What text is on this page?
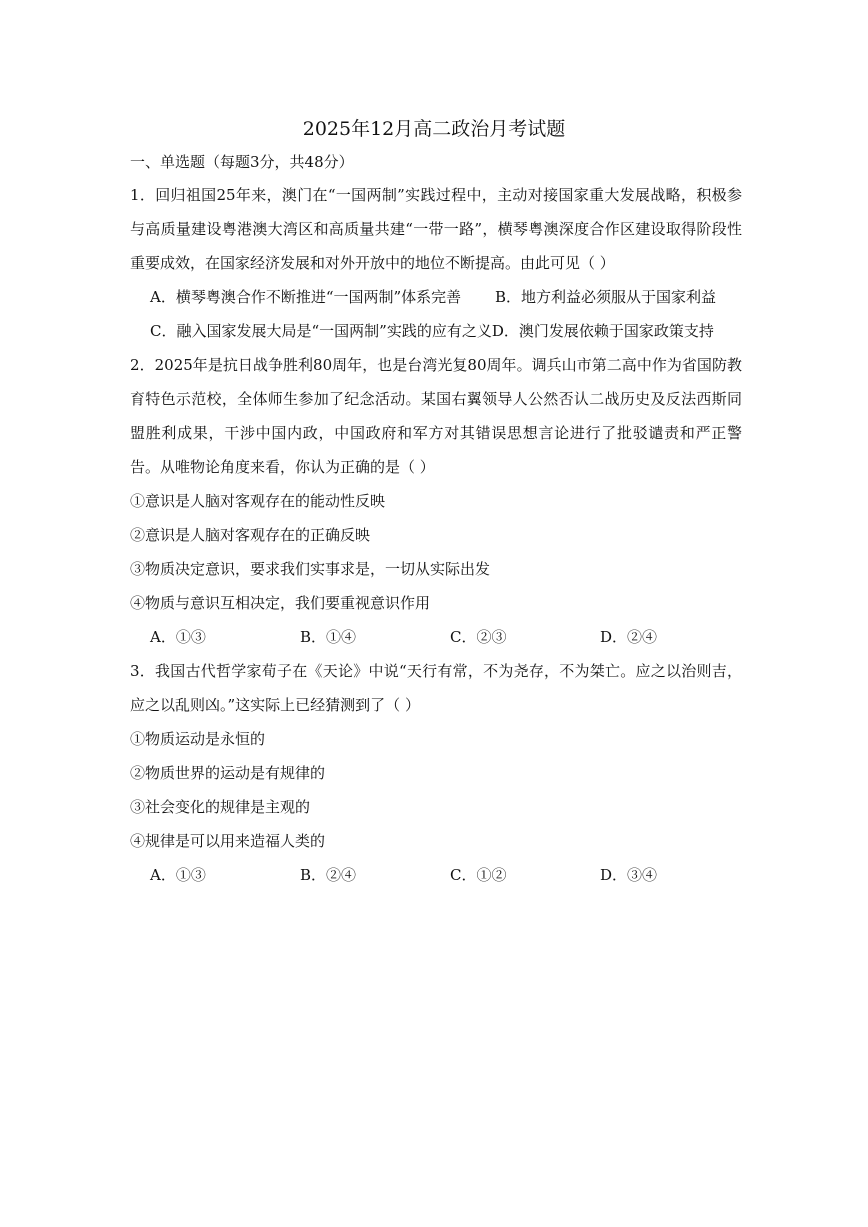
2025年12月高二政治月考试题
一、单选题（每题3分，共48分）
1．回归祖国25年来，澳门在“一国两制”实践过程中，主动对接国家重大发展战略，积极参与高质量建设粤港澳大湾区和高质量共建“一带一路”，横琴粤澳深度合作区建设取得阶段性重要成效，在国家经济发展和对外开放中的地位不断提高。由此可见（ ）
A．横琴粤澳合作不断推进“一国两制”体系完善 B．地方利益必须服从于国家利益
C．融入国家发展大局是“一国两制”实践的应有之义D．澳门发展依赖于国家政策支持
2．2025年是抗日战争胜利80周年，也是台湾光复80周年。调兵山市第二高中作为省国防教育特色示范校，全体师生参加了纪念活动。某国右翼领导人公然否认二战历史及反法西斯同盟胜利成果，干涉中国内政，中国政府和军方对其错误思想言论进行了批驳谴责和严正警告。从唯物论角度来看，你认为正确的是（ ）
①意识是人脑对客观存在的能动性反映
②意识是人脑对客观存在的正确反映
③物质决定意识，要求我们实事求是，一切从实际出发
④物质与意识互相决定，我们要重视意识作用
A．①③	B．①④	C．②③	D．②④
3．我国古代哲学家荀子在《天论》中说“天行有常，不为尧存，不为桀亡。应之以治则吉，应之以乱则凶。”这实际上已经猜测到了（ ）
①物质运动是永恒的
②物质世界的运动是有规律的
③社会变化的规律是主观的
④规律是可以用来造福人类的
A．①③	B．②④	C．①②	D．③④
